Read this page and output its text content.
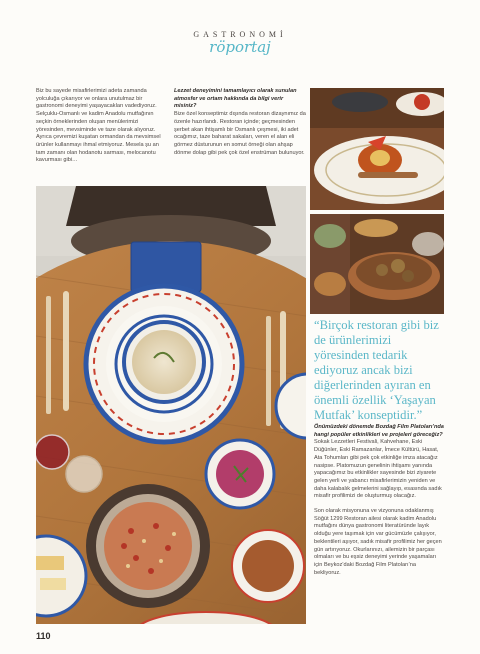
GASTRONOMİ
röportaj

Biz bu sayede misafirlerimizi adeta zamanda yolculuğa çıkarıyor ve onlara unutulmaz bir gastronomi deneyimi yaşayacakları vadediyoruz. Selçuklu-Osmanlı ve kadim Anadolu mutfağının seçkin örneklerinden oluşan menülerimizi yöresinden, mevsiminde ve taze olarak alıyoruz. Ayrıca çevremizi kuşatan ormandan da mevsimsel ürünler kullanmayı ihmal etmiyoruz. Mesela şu an tam zamanı olan hodanotu sarması, melocanotu kavurması gibi…

Lezzet deneyimini tamamlayıcı olarak sunulan atmosfer ve ortam hakkında da bilgi verir misiniz?

Bize özel konseptimiz dışında restoran dizaynımız da özenle hazırlandı. Restoran içinde; geçmesinden şerbet akan ihtişamlı bir Osmanlı çeşmesi, iki adet ocağımız, taze baharat sakaları, veren el alan eli görmez düsturunun en somut örneği olan ahşap dönme dolap gibi pek çok özel enstrüman bulunuyor.

“Birçok restoran gibi biz de ürünlerimizi yöresinden tedarik ediyoruz ancak bizi diğerlerinden ayıran en önemli özellik ‘Yaşayan Mutfak’ konseptidir.”

Önümüzdeki dönemde Bozdağ Film Platoları’nda hangi popüler etkinlikleri ve projeleri göreceğiz?

Sokak Lezzetleri Festivali, Kahvehane, Eski Düğünler, Eski Ramazanlar, İmece Kültürü, Hasat, Ata Tohumları gibi pek çok etkinliğe imza atacağız nasipse. Platomuzun genelinin ihtişamı yanında yapacağımız bu etkinlikler sayesinde bizi ziyarete gelen yerli ve yabancı misafirlerimizin yeniden ve daha kalabalık gelmelerini sağlayıp, esasında sadık misafir profilimizi de oluşturmuş olacağız.

Son olarak misyonuna ve vizyonuna odaklanmış Söğüt 1299 Restoran ailesi olarak kadim Anadolu mutfağını dünya gastronomi literatüründe layık olduğu yere taşımak için var gücümüzle çalışıyor, beklentileri aşıyor, sadık misafir profilimiz her geçen gün artırıyoruz. Okurlarınızı, ailemizin bir parçası olmaları ve bu eşsiz deneyimi yerinde yaşamaları için Beykoz’daki Bozdağ Film Platoları’na bekliyoruz.

110
